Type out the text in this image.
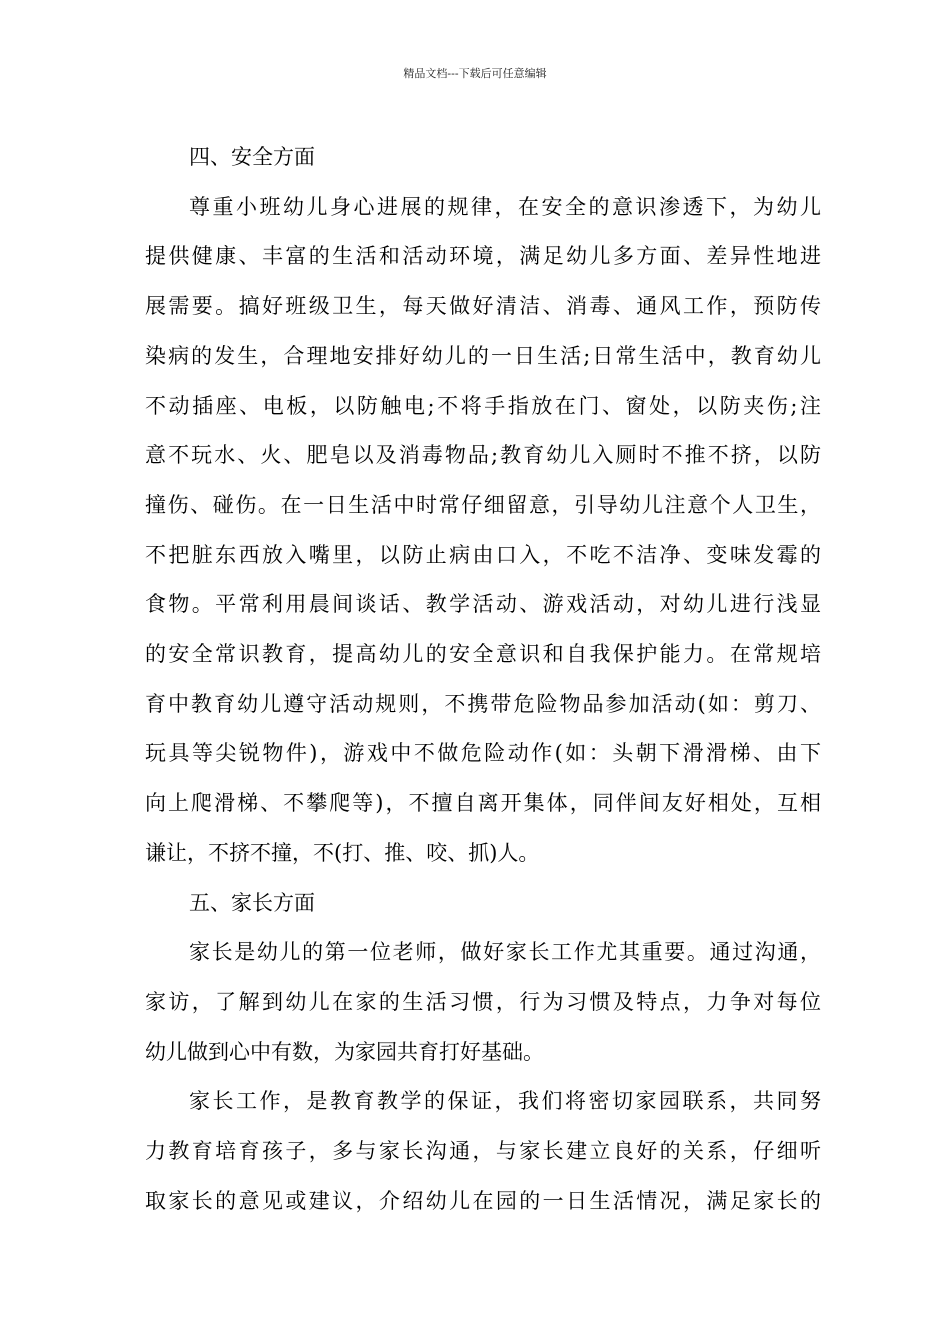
精品文档---下载后可任意编辑

四、安全方面

尊重小班幼儿身心进展的规律，在安全的意识渗透下，为幼儿
提供健康、丰富的生活和活动环境，满足幼儿多方面、差异性地进
展需要。搞好班级卫生，每天做好清洁、消毒、通风工作，预防传
染病的发生，合理地安排好幼儿的一日生活;日常生活中，教育幼儿
不动插座、电板，以防触电;不将手指放在门、窗处，以防夹伤;注
意不玩水、火、肥皂以及消毒物品;教育幼儿入厕时不推不挤，以防
撞伤、碰伤。在一日生活中时常仔细留意，引导幼儿注意个人卫生，
不把脏东西放入嘴里，以防止病由口入，不吃不洁净、变味发霉的
食物。平常利用晨间谈话、教学活动、游戏活动，对幼儿进行浅显
的安全常识教育，提高幼儿的安全意识和自我保护能力。在常规培
育中教育幼儿遵守活动规则，不携带危险物品参加活动(如：剪刀、
玩具等尖锐物件)，游戏中不做危险动作(如：头朝下滑滑梯、由下
向上爬滑梯、不攀爬等)，不擅自离开集体，同伴间友好相处，互相
谦让，不挤不撞，不(打、推、咬、抓)人。

五、家长方面

家长是幼儿的第一位老师，做好家长工作尤其重要。通过沟通，
家访，了解到幼儿在家的生活习惯，行为习惯及特点，力争对每位
幼儿做到心中有数，为家园共育打好基础。

家长工作，是教育教学的保证，我们将密切家园联系，共同努
力教育培育孩子，多与家长沟通，与家长建立良好的关系，仔细听
取家长的意见或建议，介绍幼儿在园的一日生活情况，满足家长的
